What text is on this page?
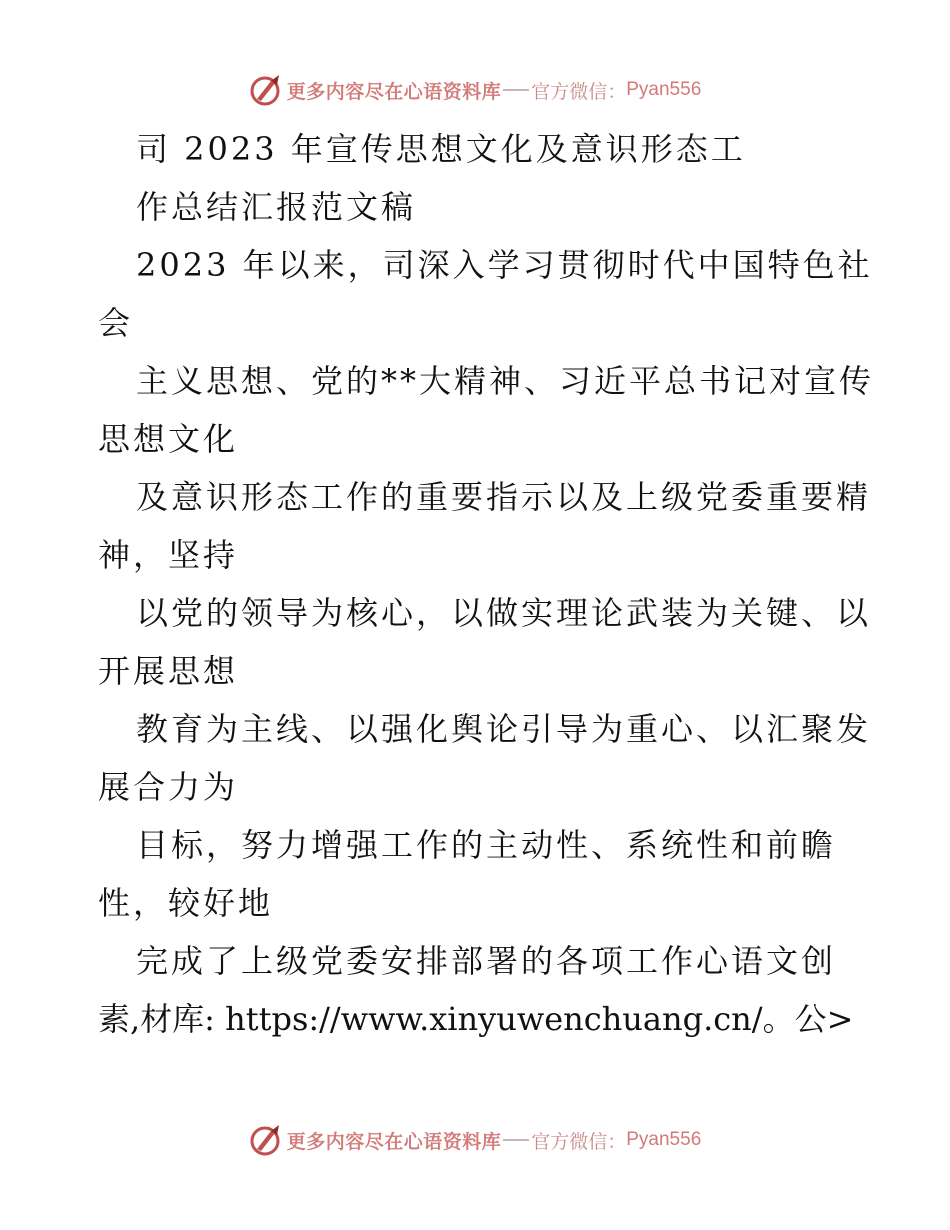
更多内容尽在心语资料库 官方微信： Pyan556
司 2023 年宣传思想文化及意识形态工
作总结汇报范文稿
2023 年以来，司深入学习贯彻时代中国特色社
会
主义思想、党的**大精神、习近平总书记对宣传
思想文化
及意识形态工作的重要指示以及上级党委重要精
神，坚持
以党的领导为核心，以做实理论武装为关键、以
开展思想
教育为主线、以强化舆论引导为重心、以汇聚发
展合力为
目标，努力增强工作的主动性、系统性和前瞻
性，较好地
完成了上级党委安排部署的各项工作心语文创
素,材库: https://www.xinyuwenchuang.cn/。公>
更多内容尽在心语资料库 官方微信： Pyan556
